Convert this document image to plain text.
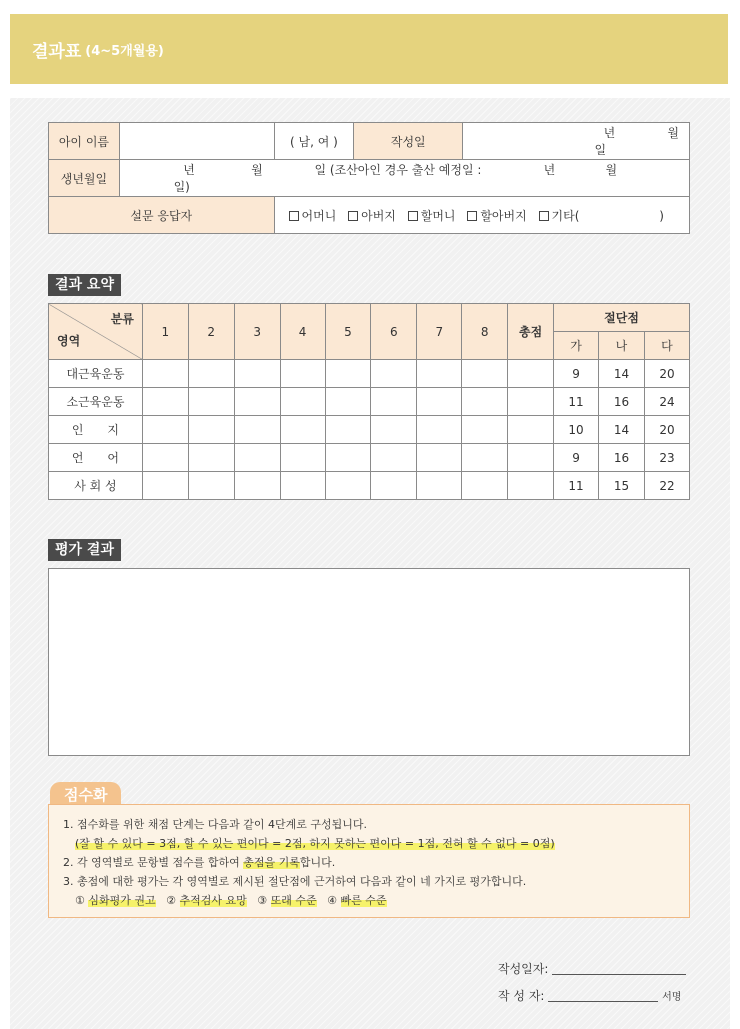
결과표 (4~5개월용)
아이 이름		( 남, 여 )	작성일	년 월 일
생년월일	년 월 일 (조산아인 경우 출산 예정일 : 년 월 일)			
설문 응답자		어머니 아버지 할머니 할아버지 기타( )		
결과 요약
분류
영역	1	2	3	4	5	6	7	8	총점	절단점		
										가	나	다
대근육운동										9	14	20
소근육운동										11	16	24
인　　지										10	14	20
언　　어										9	16	23
사 회 성										11	15	22
평가 결과
점수화
1. 점수화를 위한 채점 단계는 다음과 같이 4단계로 구성됩니다.
(잘 할 수 있다 = 3점, 할 수 있는 편이다 = 2점, 하지 못하는 편이다 = 1점, 전혀 할 수 없다 = 0점)
2. 각 영역별로 문항별 점수를 합하여 총점을 기록합니다.
3. 총점에 대한 평가는 각 영역별로 제시된 절단점에 근거하여 다음과 같이 네 가지로 평가합니다.
① 심화평가 권고 ② 추적검사 요망 ③ 또래 수준 ④ 빠른 수준
작성일자:
작 성 자:	서명
